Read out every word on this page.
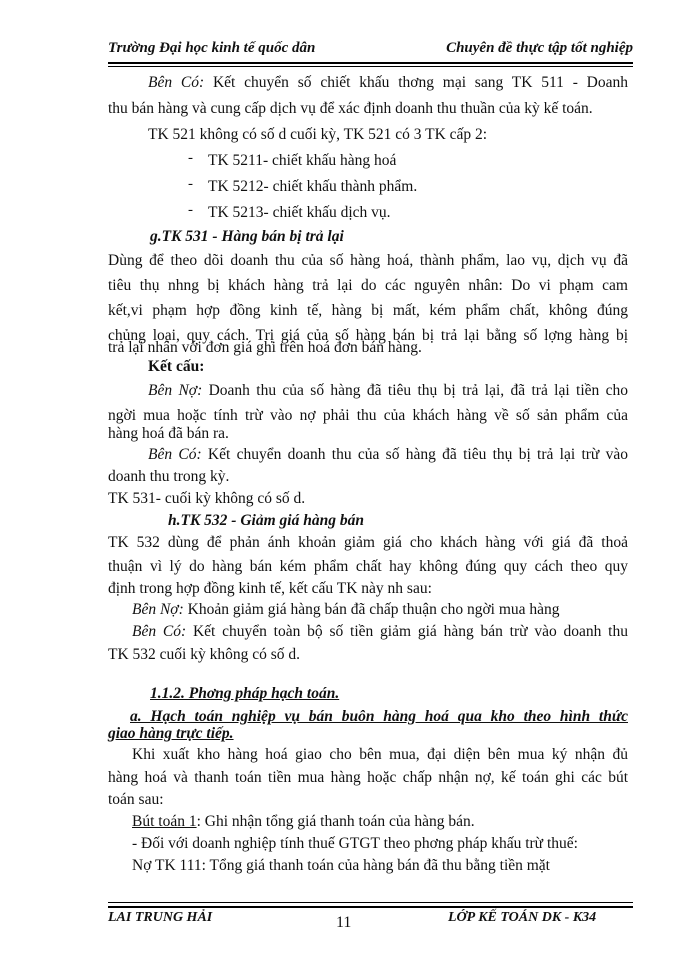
Trường Đại học kinh tế quốc dân	Chuyên đề thực tập tốt nghiệp
Bên Có: Kết chuyển số chiết khấu thơng mại sang TK 511 - Doanh
thu bán hàng và cung cấp dịch vụ để xác định doanh thu thuần của kỳ kế toán.
TK 521 không có số d cuối kỳ, TK 521 có 3 TK cấp 2:
- TK 5211- chiết khấu hàng hoá
- TK 5212- chiết khấu thành phẩm.
- TK 5213- chiết khấu dịch vụ.
g.TK 531 - Hàng bán bị trả lại
Dùng để theo dõi doanh thu của số hàng hoá, thành phẩm, lao vụ, dịch vụ đã
tiêu thụ nhng bị khách hàng trả lại do các nguyên nhân: Do vi phạm cam
kết,vi phạm hợp đồng kinh tế, hàng bị mất, kém phẩm chất, không đúng
chủng loại, quy cách. Trị giá của số hàng bán bị trả lại bằng số lợng hàng bị
trả lại nhân với đơn giá ghi trên hoá đơn bán hàng.
Kết cấu:
Bên Nợ: Doanh thu của số hàng đã tiêu thụ bị trả lại, đã trả lại tiền cho
ngời mua hoặc tính trừ vào nợ phải thu của khách hàng về số sản phẩm của
hàng hoá đã bán ra.
Bên Có: Kết chuyển doanh thu của số hàng đã tiêu thụ bị trả lại trừ vào
doanh thu trong kỳ.
TK 531- cuối kỳ không có số d.
h.TK 532 - Giảm giá hàng bán
TK 532 dùng để phản ánh khoản giảm giá cho khách hàng với giá đã thoả
thuận vì lý do hàng bán kém phẩm chất hay không đúng quy cách theo quy
định trong hợp đồng kinh tế, kết cấu TK này nh sau:
Bên Nợ: Khoản giảm giá hàng bán đã chấp thuận cho ngời mua hàng
Bên Có: Kết chuyển toàn bộ số tiền giảm giá hàng bán trừ vào doanh thu
TK 532 cuối kỳ không có số d.
1.1.2. Phơng pháp hạch toán.
a. Hạch toán nghiệp vụ bán buôn hàng hoá qua kho theo hình thức
giao hàng trực tiếp.
Khi xuất kho hàng hoá giao cho bên mua, đại diện bên mua ký nhận đủ
hàng hoá và thanh toán tiền mua hàng hoặc chấp nhận nợ, kế toán ghi các bút
toán sau:
Bút toán 1: Ghi nhận tổng giá thanh toán của hàng bán.
- Đối với doanh nghiệp tính thuế GTGT theo phơng pháp khấu trừ thuế:
Nợ TK 111: Tổng giá thanh toán của hàng bán đã thu bằng tiền mặt
LAI TRUNG HẢI	11	LỚP KẾ TOÁN DK - K34
